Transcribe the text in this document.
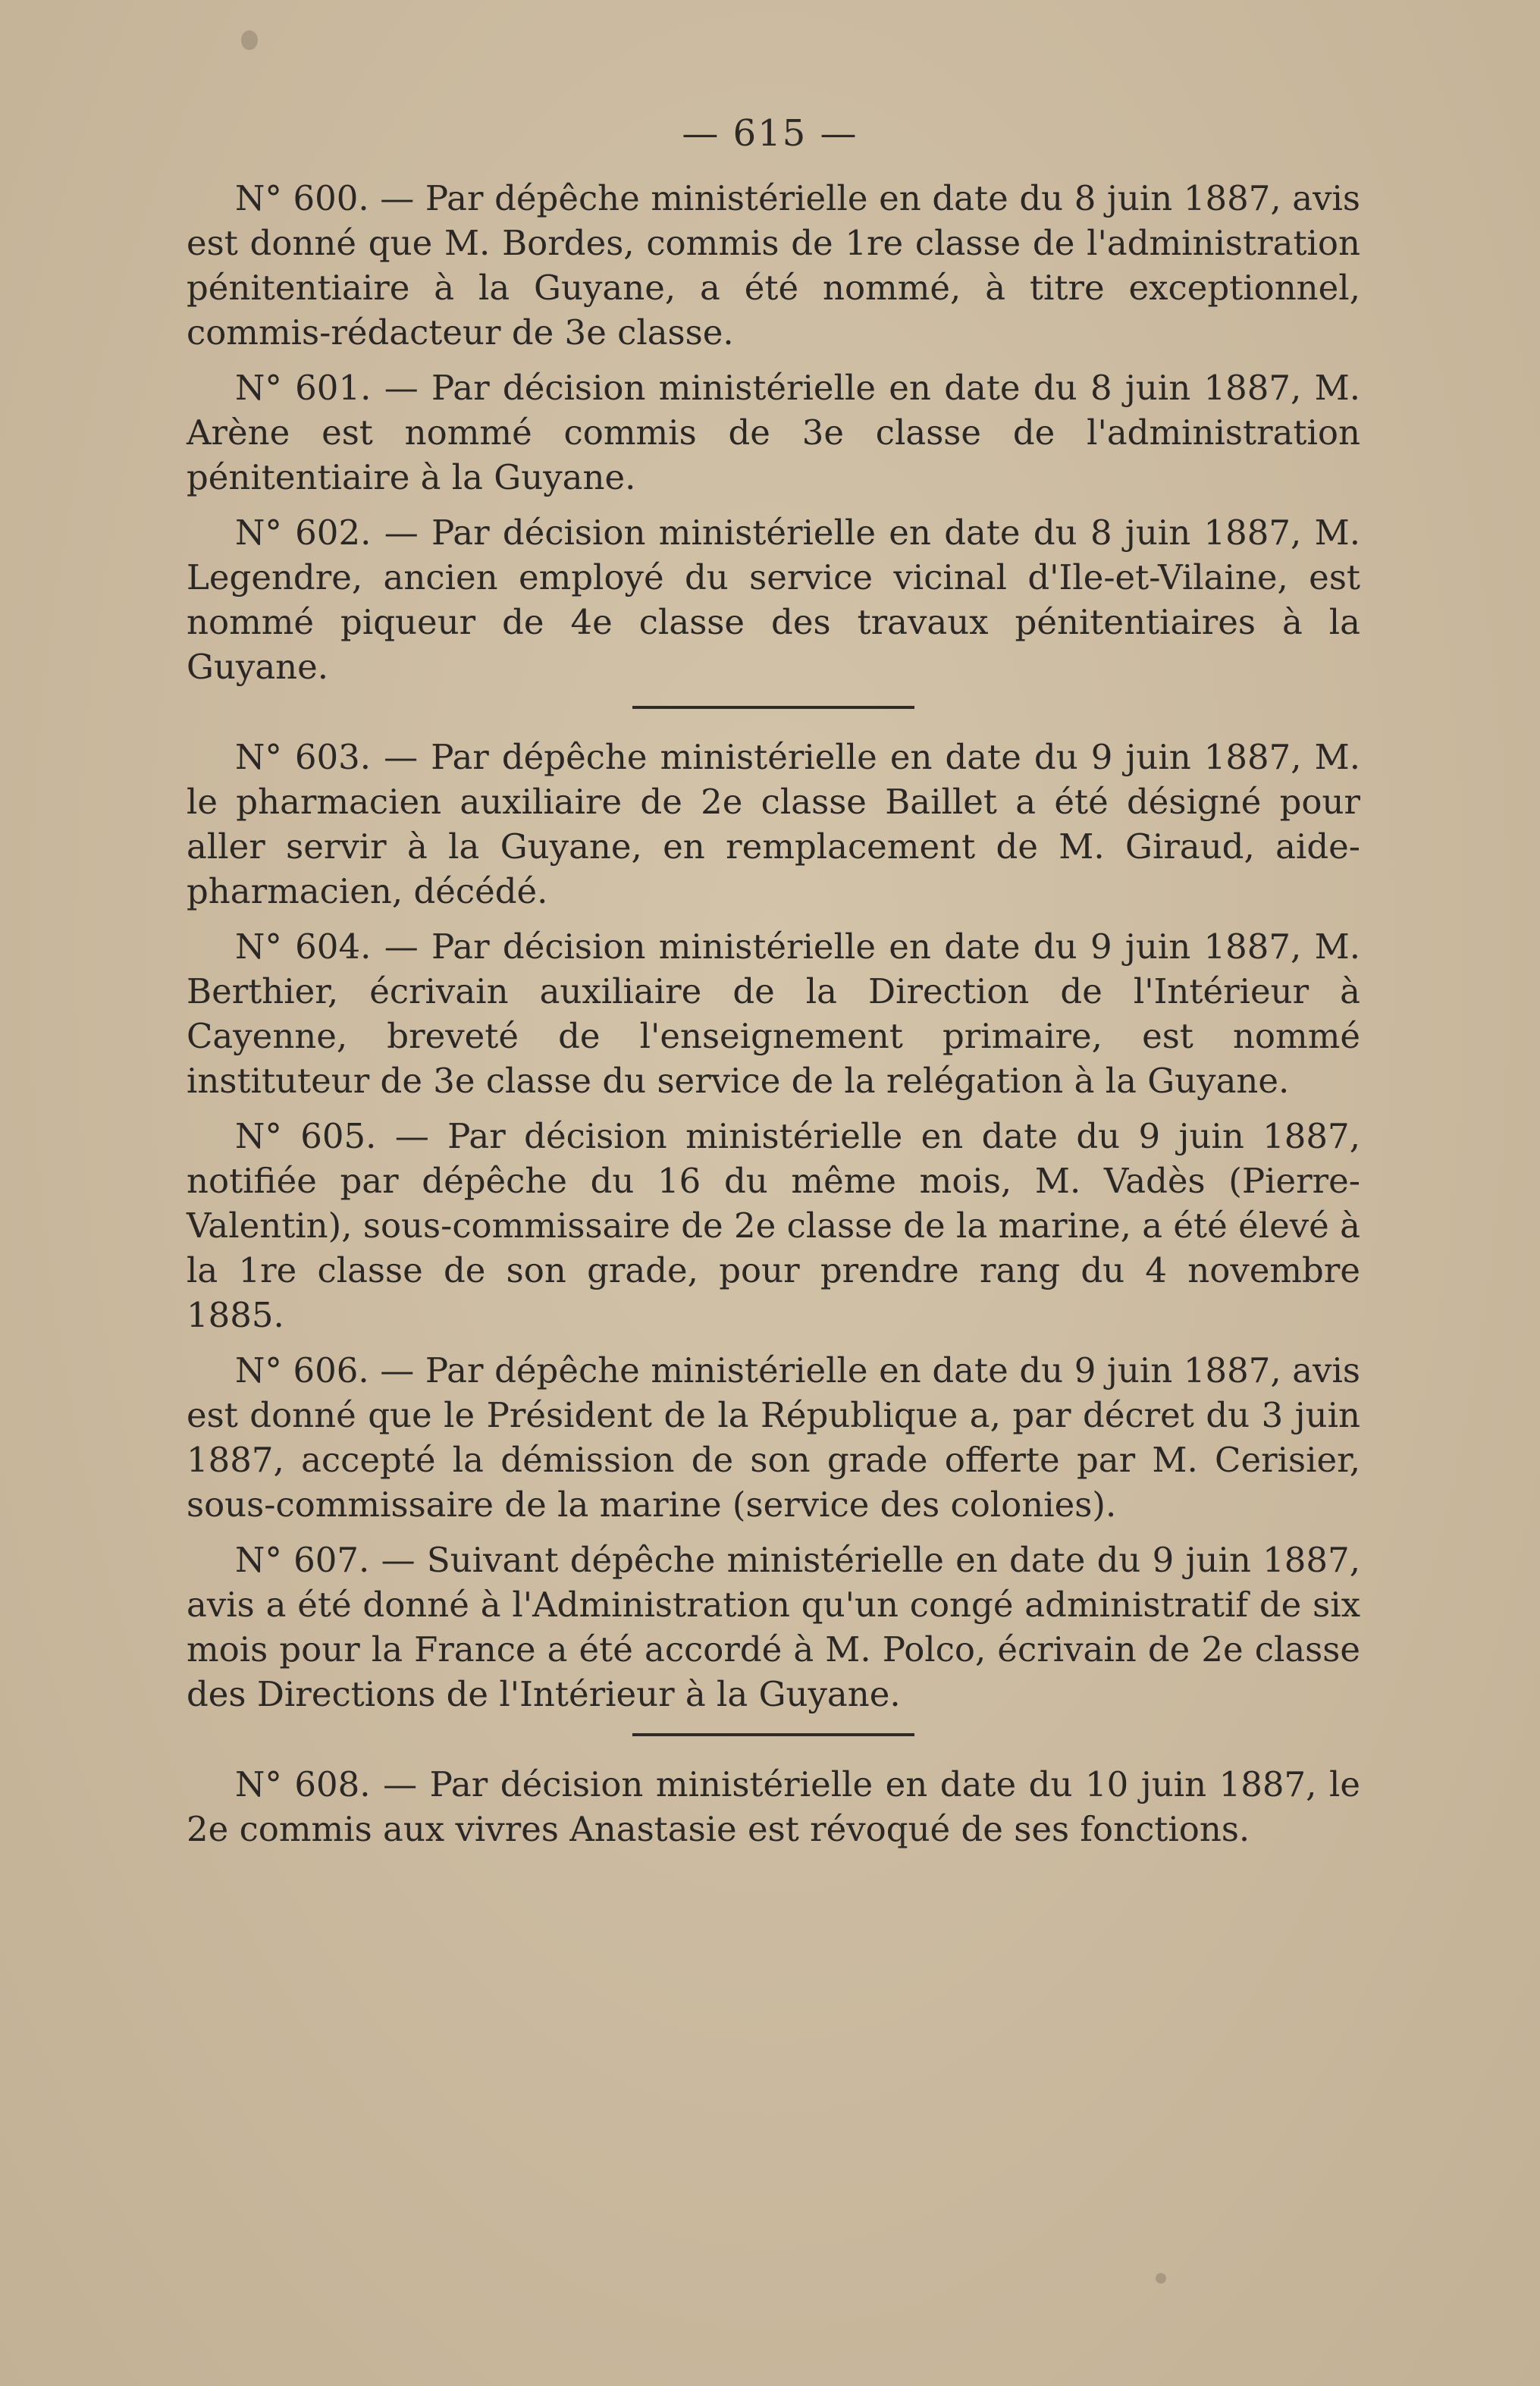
— 615 —

N° 600. — Par dépêche ministérielle en date du 8 juin 1887, avis est donné que M. Bordes, commis de 1re classe de l'administration pénitentiaire à la Guyane, a été nommé, à titre exceptionnel, commis-rédacteur de 3e classe.

N° 601. — Par décision ministérielle en date du 8 juin 1887, M. Arène est nommé commis de 3e classe de l'administration pénitentiaire à la Guyane.

N° 602. — Par décision ministérielle en date du 8 juin 1887, M. Legendre, ancien employé du service vicinal d'Ile-et-Vilaine, est nommé piqueur de 4e classe des travaux pénitentiaires à la Guyane.

N° 603. — Par dépêche ministérielle en date du 9 juin 1887, M. le pharmacien auxiliaire de 2e classe Baillet a été désigné pour aller servir à la Guyane, en remplacement de M. Giraud, aide-pharmacien, décédé.

N° 604. — Par décision ministérielle en date du 9 juin 1887, M. Berthier, écrivain auxiliaire de la Direction de l'Intérieur à Cayenne, breveté de l'enseignement primaire, est nommé instituteur de 3e classe du service de la relégation à la Guyane.

N° 605. — Par décision ministérielle en date du 9 juin 1887, notifiée par dépêche du 16 du même mois, M. Vadès (Pierre-Valentin), sous-commissaire de 2e classe de la marine, a été élevé à la 1re classe de son grade, pour prendre rang du 4 novembre 1885.

N° 606. — Par dépêche ministérielle en date du 9 juin 1887, avis est donné que le Président de la République a, par décret du 3 juin 1887, accepté la démission de son grade offerte par M. Cerisier, sous-commissaire de la marine (service des colonies).

N° 607. — Suivant dépêche ministérielle en date du 9 juin 1887, avis a été donné à l'Administration qu'un congé administratif de six mois pour la France a été accordé à M. Polco, écrivain de 2e classe des Directions de l'Intérieur à la Guyane.

N° 608. — Par décision ministérielle en date du 10 juin 1887, le 2e commis aux vivres Anastasie est révoqué de ses fonctions.
